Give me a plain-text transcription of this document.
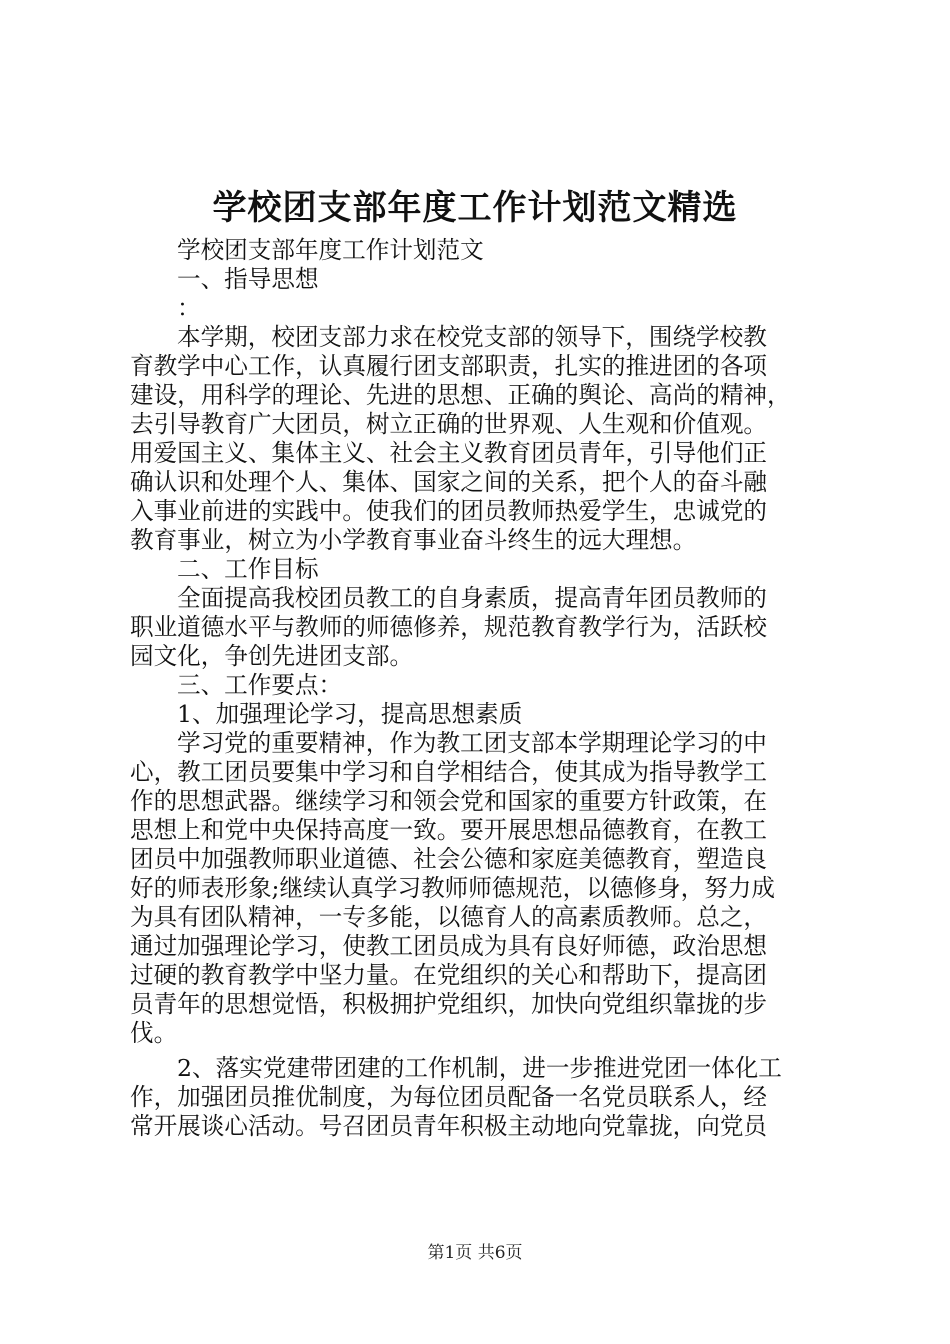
学校团支部年度工作计划范文精选
学校团支部年度工作计划范文
一、指导思想
：
本学期，校团支部力求在校党支部的领导下，围绕学校教
育教学中心工作，认真履行团支部职责，扎实的推进团的各项
建设，用科学的理论、先进的思想、正确的舆论、高尚的精神，
去引导教育广大团员，树立正确的世界观、人生观和价值观。
用爱国主义、集体主义、社会主义教育团员青年，引导他们正
确认识和处理个人、集体、国家之间的关系，把个人的奋斗融
入事业前进的实践中。使我们的团员教师热爱学生，忠诚党的
教育事业，树立为小学教育事业奋斗终生的远大理想。
二、工作目标
全面提高我校团员教工的自身素质，提高青年团员教师的
职业道德水平与教师的师德修养，规范教育教学行为，活跃校
园文化，争创先进团支部。
三、工作要点：
1、加强理论学习，提高思想素质
学习党的重要精神，作为教工团支部本学期理论学习的中
心，教工团员要集中学习和自学相结合，使其成为指导教学工
作的思想武器。继续学习和领会党和国家的重要方针政策，在
思想上和党中央保持高度一致。要开展思想品德教育，在教工
团员中加强教师职业道德、社会公德和家庭美德教育，塑造良
好的师表形象;继续认真学习教师师德规范，以德修身，努力成
为具有团队精神，一专多能，以德育人的高素质教师。总之，
通过加强理论学习，使教工团员成为具有良好师德，政治思想
过硬的教育教学中坚力量。在党组织的关心和帮助下，提高团
员青年的思想觉悟，积极拥护党组织，加快向党组织靠拢的步
伐。
2、落实党建带团建的工作机制，进一步推进党团一体化工
作，加强团员推优制度，为每位团员配备一名党员联系人，经
常开展谈心活动。号召团员青年积极主动地向党靠拢，向党员
第1页 共6页
